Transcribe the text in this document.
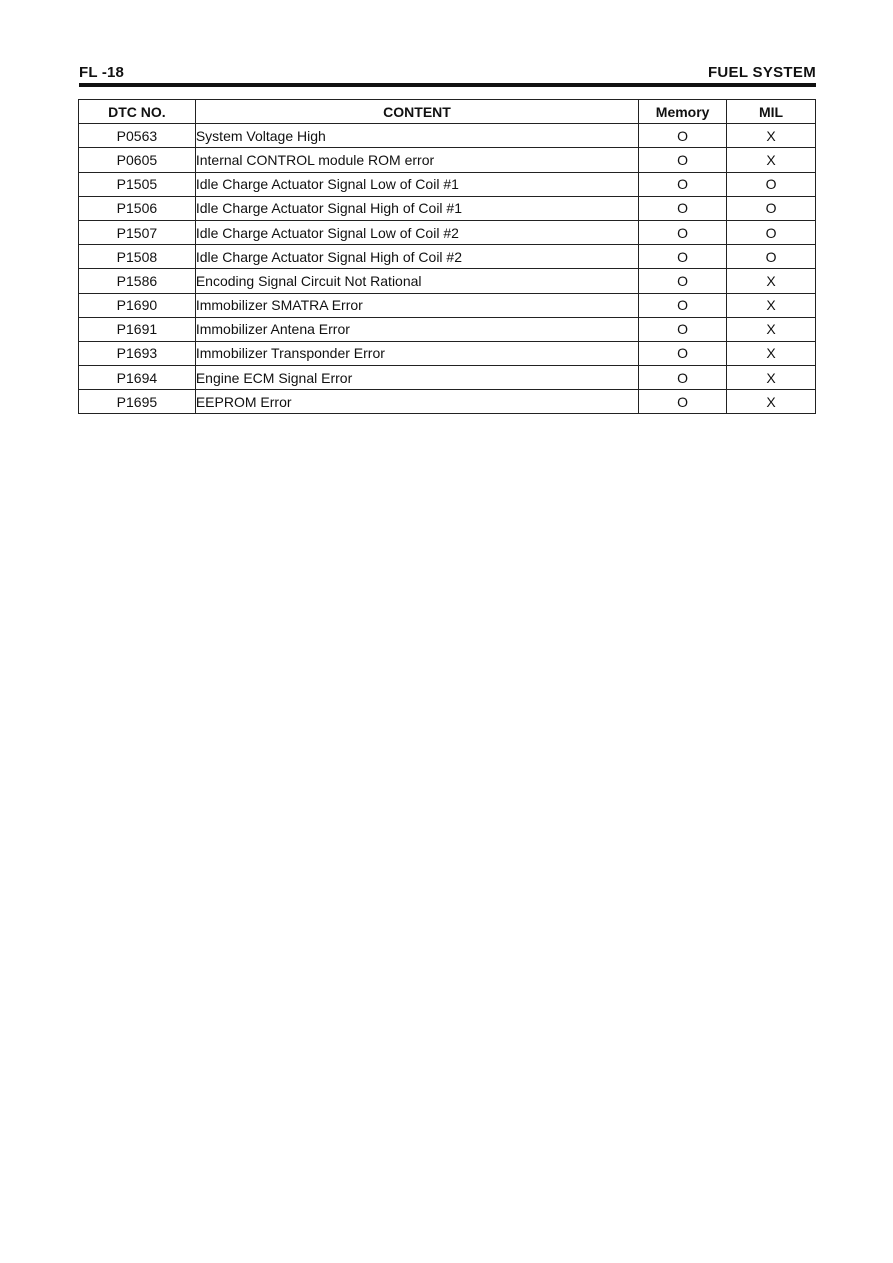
FL -18	FUEL SYSTEM
DTC NO.	CONTENT	Memory	MIL
P0563	System Voltage High	O	X
P0605	Internal CONTROL module ROM error	O	X
P1505	Idle Charge Actuator Signal Low of Coil #1	O	O
P1506	Idle Charge Actuator Signal High of Coil #1	O	O
P1507	Idle Charge Actuator Signal Low of Coil #2	O	O
P1508	Idle Charge Actuator Signal High of Coil #2	O	O
P1586	Encoding Signal Circuit Not Rational	O	X
P1690	Immobilizer SMATRA Error	O	X
P1691	Immobilizer Antena Error	O	X
P1693	Immobilizer Transponder Error	O	X
P1694	Engine ECM Signal Error	O	X
P1695	EEPROM Error	O	X
